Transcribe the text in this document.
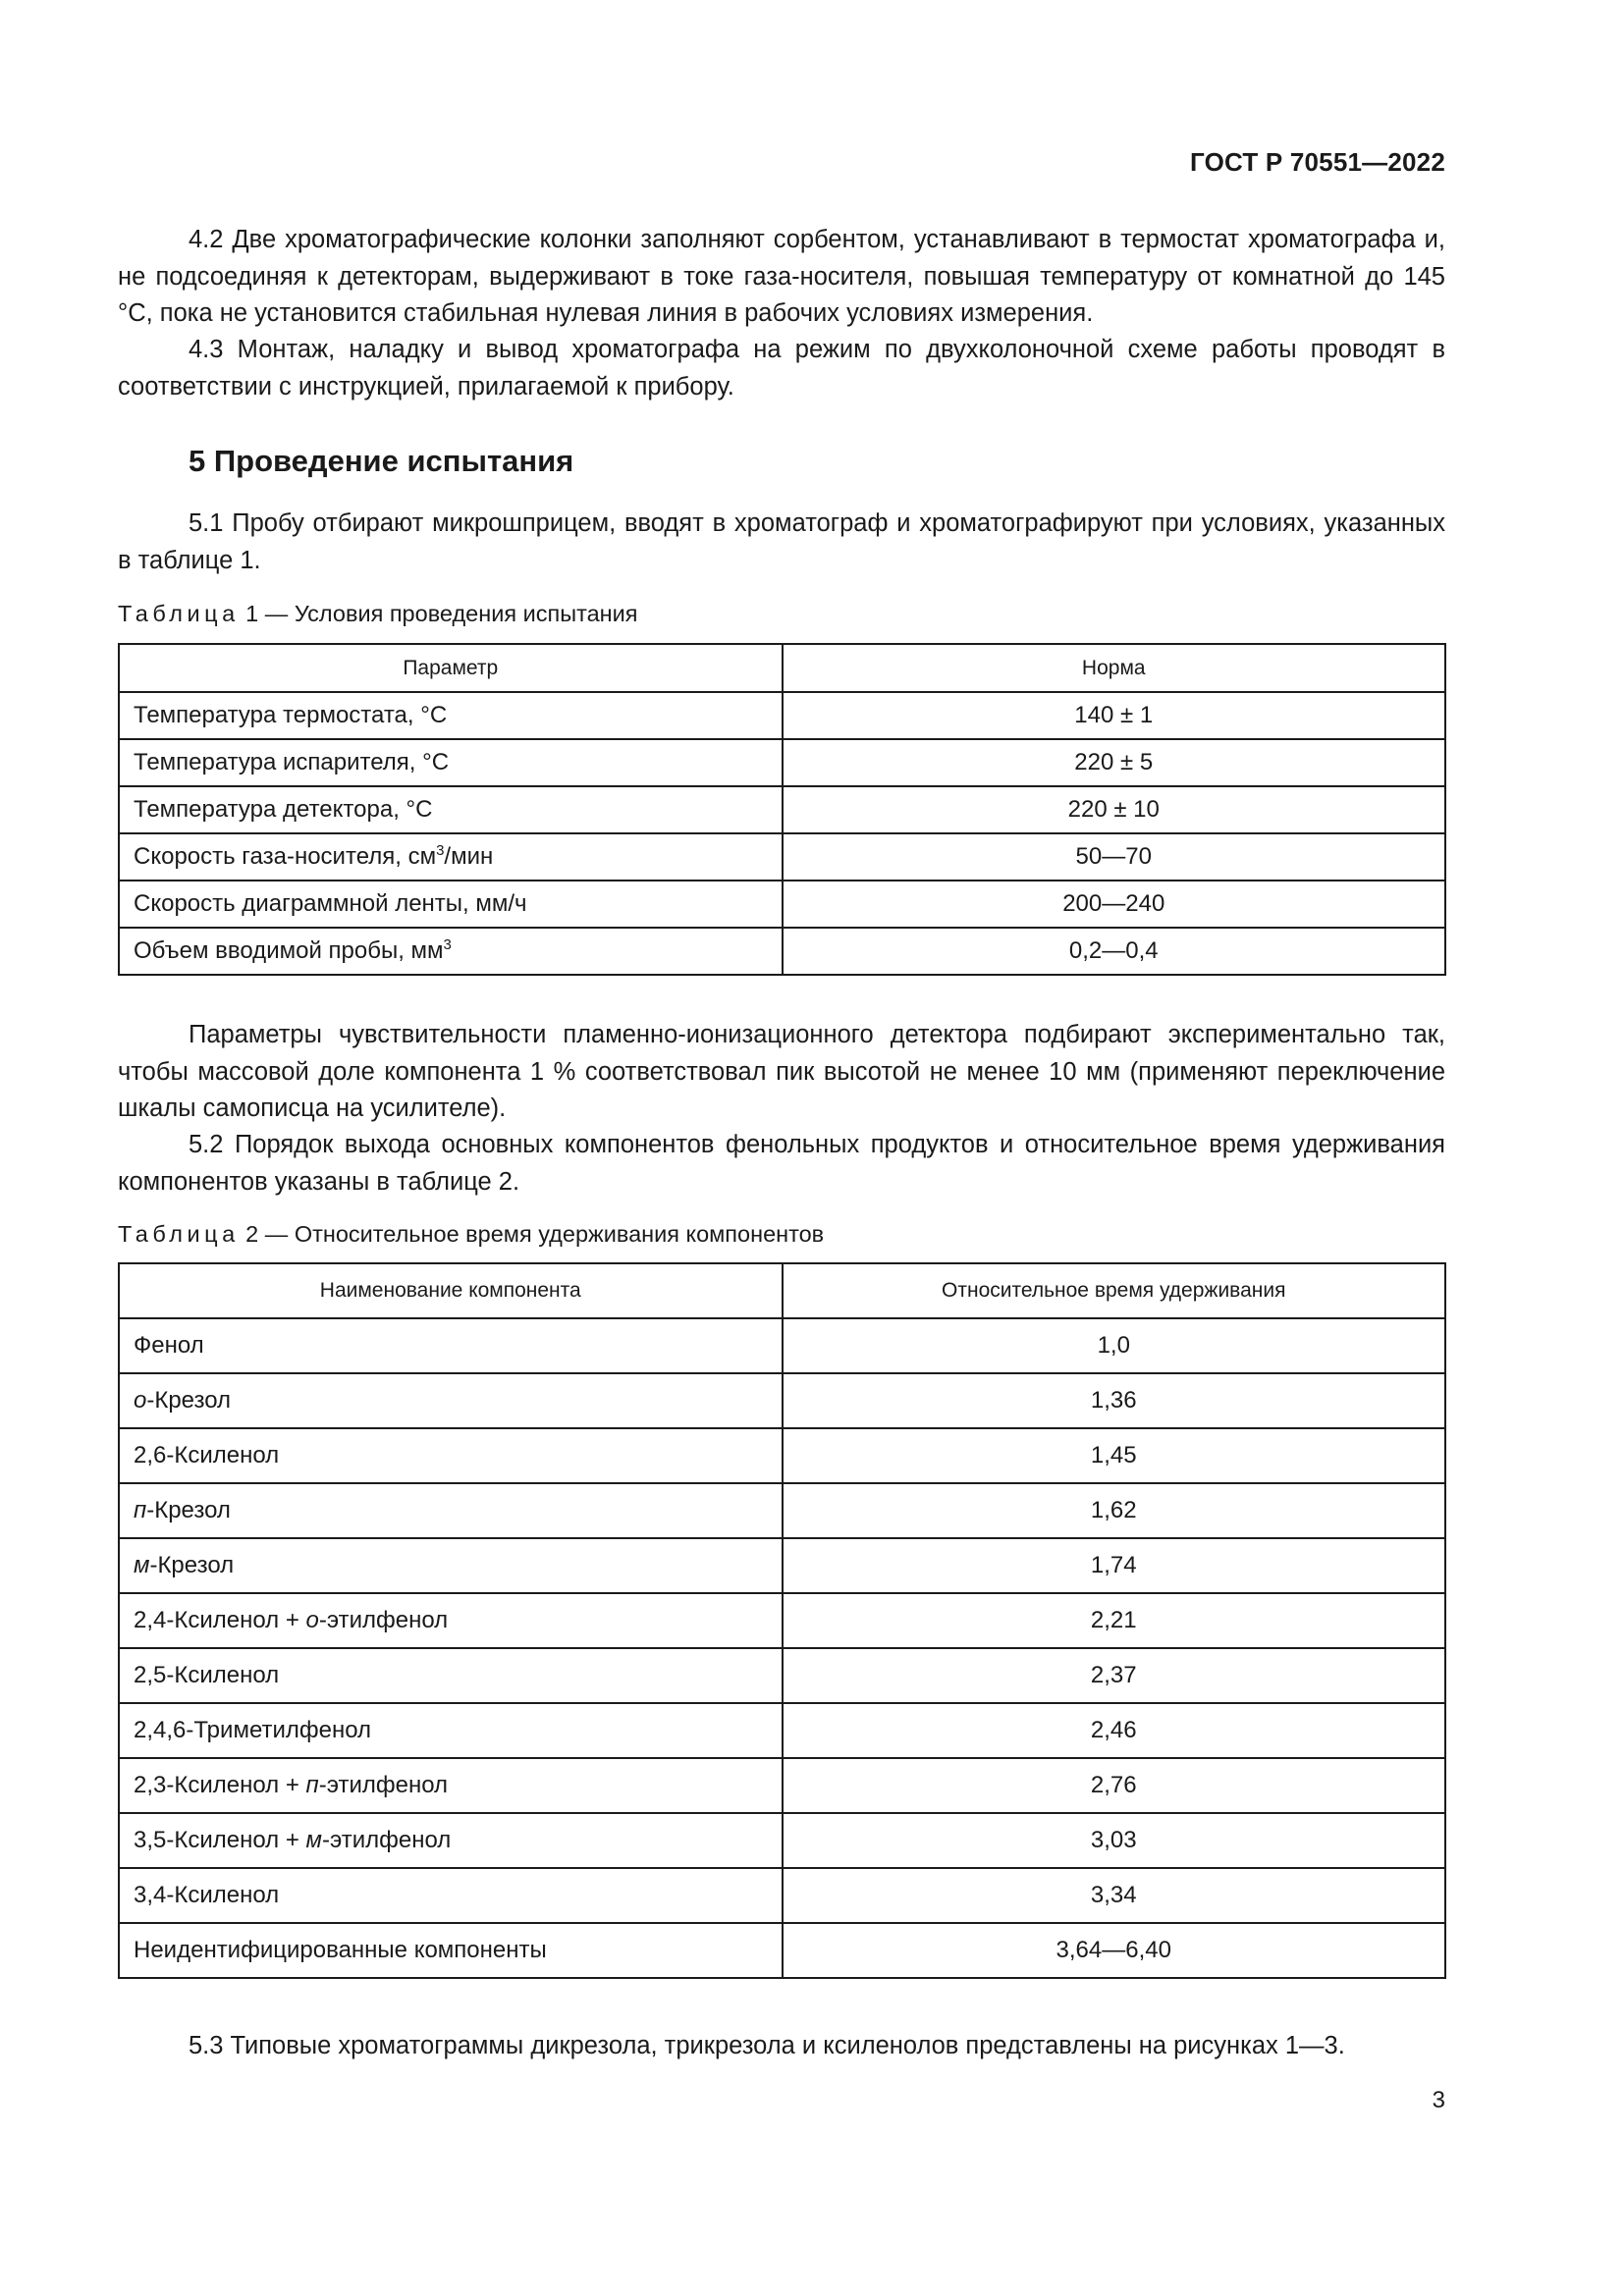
ГОСТ Р 70551—2022

4.2 Две хроматографические колонки заполняют сорбентом, устанавливают в термостат хроматографа и, не подсоединяя к детекторам, выдерживают в токе газа-носителя, повышая температуру от комнатной до 145 °С, пока не установится стабильная нулевая линия в рабочих условиях измерения.

4.3 Монтаж, наладку и вывод хроматографа на режим по двухколоночной схеме работы проводят в соответствии с инструкцией, прилагаемой к прибору.

5 Проведение испытания

5.1 Пробу отбирают микрошприцем, вводят в хроматограф и хроматографируют при условиях, указанных в таблице 1.

Таблица 1 — Условия проведения испытания

Параметр	Норма
Температура термостата, °С	140 ± 1
Температура испарителя, °С	220 ± 5
Температура детектора, °С	220 ± 10
Скорость газа-носителя, $см^3$/мин	50—70
Скорость диаграммной ленты, мм/ч	200—240
Объем вводимой пробы, $мм^3$	0,2—0,4

Параметры чувствительности пламенно-ионизационного детектора подбирают экспериментально так, чтобы массовой доле компонента 1 % соответствовал пик высотой не менее 10 мм (применяют переключение шкалы самописца на усилителе).

5.2 Порядок выхода основных компонентов фенольных продуктов и относительное время удерживания компонентов указаны в таблице 2.

Таблица 2 — Относительное время удерживания компонентов

Наименование компонента	Относительное время удерживания
Фенол	1,0
о-Крезол	1,36
2,6-Ксиленол	1,45
п-Крезол	1,62
м-Крезол	1,74
2,4-Ксиленол + о-этилфенол	2,21
2,5-Ксиленол	2,37
2,4,6-Триметилфенол	2,46
2,3-Ксиленол + п-этилфенол	2,76
3,5-Ксиленол + м-этилфенол	3,03
3,4-Ксиленол	3,34
Неидентифицированные компоненты	3,64—6,40

5.3 Типовые хроматограммы дикрезола, трикрезола и ксиленолов представлены на рисунках 1—3.

3
